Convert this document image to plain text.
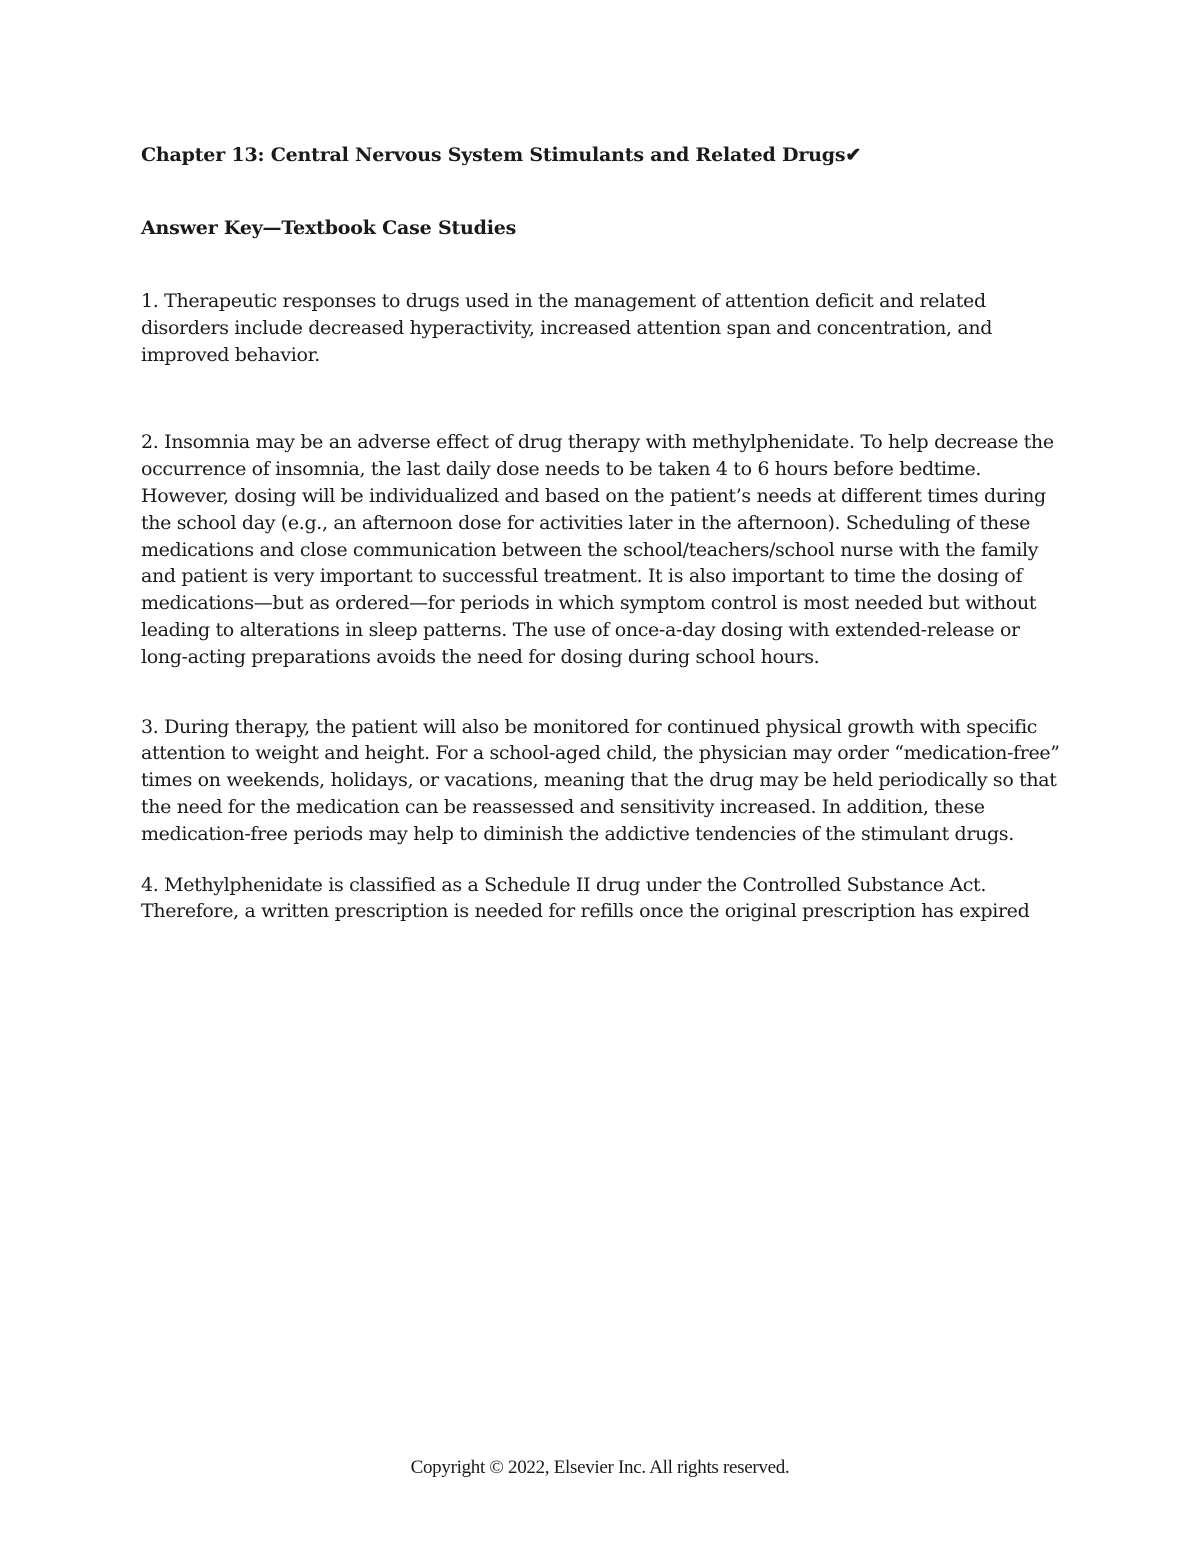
Chapter 13: Central Nervous System Stimulants and Related Drugs✔
Answer Key—Textbook Case Studies

1. Therapeutic responses to drugs used in the management of attention deficit and related disorders include decreased hyperactivity, increased attention span and concentration, and improved behavior.

2. Insomnia may be an adverse effect of drug therapy with methylphenidate. To help decrease the occurrence of insomnia, the last daily dose needs to be taken 4 to 6 hours before bedtime. However, dosing will be individualized and based on the patient’s needs at different times during the school day (e.g., an afternoon dose for activities later in the afternoon). Scheduling of these medications and close communication between the school/teachers/school nurse with the family and patient is very important to successful treatment. It is also important to time the dosing of medications—but as ordered—for periods in which symptom control is most needed but without leading to alterations in sleep patterns. The use of once-a-day dosing with extended-release or long-acting preparations avoids the need for dosing during school hours.

3. During therapy, the patient will also be monitored for continued physical growth with specific attention to weight and height. For a school-aged child, the physician may order “medication-free” times on weekends, holidays, or vacations, meaning that the drug may be held periodically so that the need for the medication can be reassessed and sensitivity increased. In addition, these medication-free periods may help to diminish the addictive tendencies of the stimulant drugs.

4. Methylphenidate is classified as a Schedule II drug under the Controlled Substance Act. Therefore, a written prescription is needed for refills once the original prescription has expired

Copyright © 2022, Elsevier Inc. All rights reserved.
